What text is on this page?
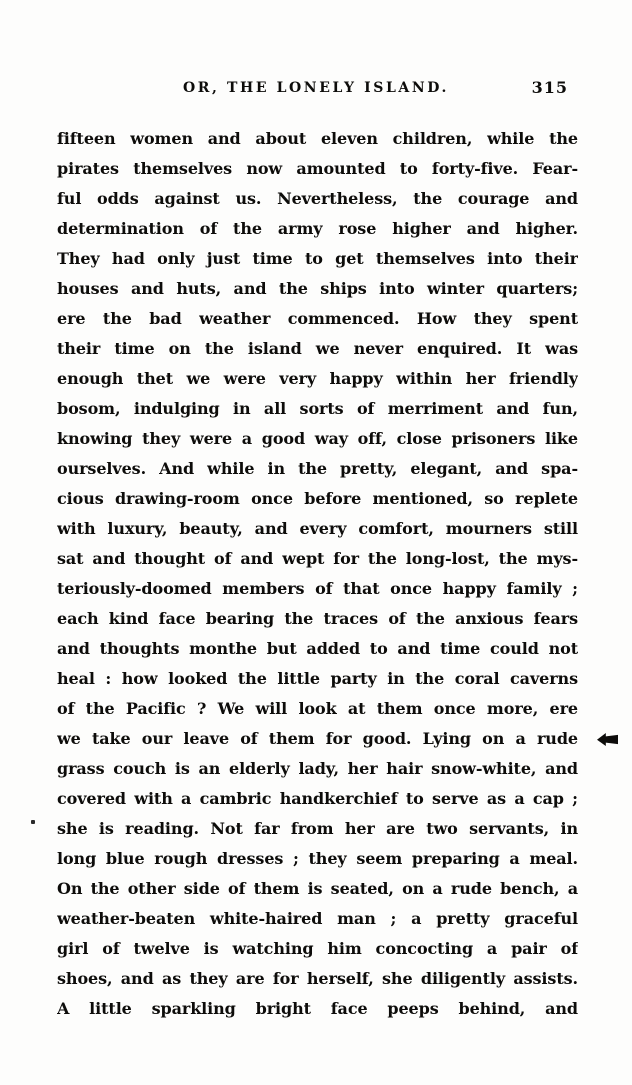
OR, THE LONELY ISLAND.	315
fifteen women and about eleven children, while the
pirates themselves now amounted to forty-five. Fear-
ful odds against us. Nevertheless, the courage and
determination of the army rose higher and higher.
They had only just time to get themselves into their
houses and huts, and the ships into winter quarters;
ere the bad weather commenced. How they spent
their time on the island we never enquired. It was
enough thet we were very happy within her friendly
bosom, indulging in all sorts of merriment and fun,
knowing they were a good way off, close prisoners like
ourselves. And while in the pretty, elegant, and spa-
cious drawing-room once before mentioned, so replete
with luxury, beauty, and every comfort, mourners still
sat and thought of and wept for the long-lost, the mys-
teriously-doomed members of that once happy family ;
each kind face bearing the traces of the anxious fears
and thoughts monthe but added to and time could not
heal : how looked the little party in the coral caverns
of the Pacific ? We will look at them once more, ere
we take our leave of them for good. Lying on a rude
grass couch is an elderly lady, her hair snow-white, and
covered with a cambric handkerchief to serve as a cap ;
she is reading. Not far from her are two servants, in
long blue rough dresses ; they seem preparing a meal.
On the other side of them is seated, on a rude bench, a
weather-beaten white-haired man ; a pretty graceful
girl of twelve is watching him concocting a pair of
shoes, and as they are for herself, she diligently assists.
A little sparkling bright face peeps behind, and
